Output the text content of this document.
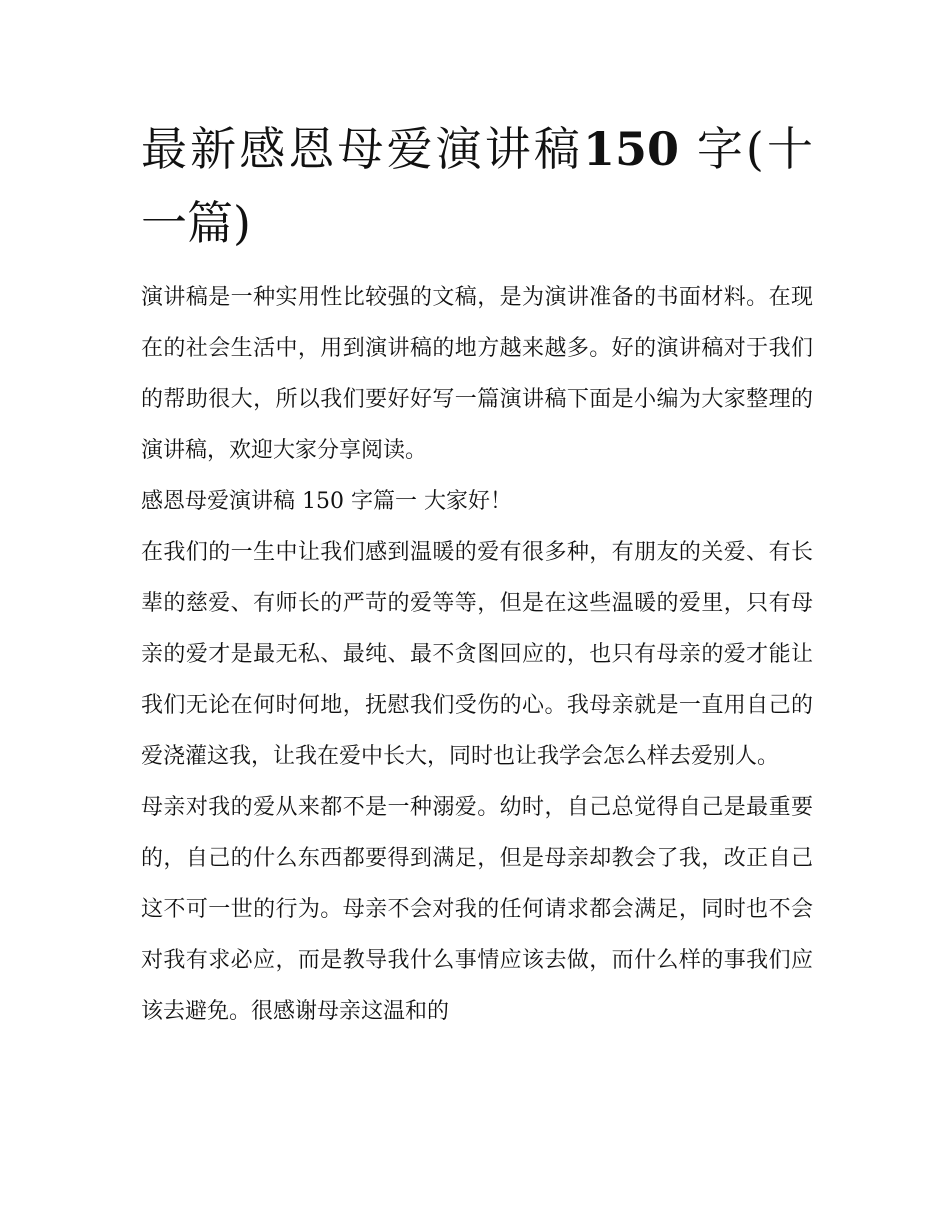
最新感恩母爱演讲稿150 字(十一篇)

演讲稿是一种实用性比较强的文稿，是为演讲准备的书面材料。在现在的社会生活中，用到演讲稿的地方越来越多。好的演讲稿对于我们的帮助很大，所以我们要好好写一篇演讲稿下面是小编为大家整理的演讲稿，欢迎大家分享阅读。

感恩母爱演讲稿 150 字篇一 大家好！

在我们的一生中让我们感到温暖的爱有很多种，有朋友的关爱、有长辈的慈爱、有师长的严苛的爱等等，但是在这些温暖的爱里，只有母亲的爱才是最无私、最纯、最不贪图回应的，也只有母亲的爱才能让我们无论在何时何地，抚慰我们受伤的心。我母亲就是一直用自己的爱浇灌这我，让我在爱中长大，同时也让我学会怎么样去爱别人。

母亲对我的爱从来都不是一种溺爱。幼时，自己总觉得自己是最重要的，自己的什么东西都要得到满足，但是母亲却教会了我，改正自己这不可一世的行为。母亲不会对我的任何请求都会满足，同时也不会对我有求必应，而是教导我什么事情应该去做，而什么样的事我们应该去避免。很感谢母亲这温和的
